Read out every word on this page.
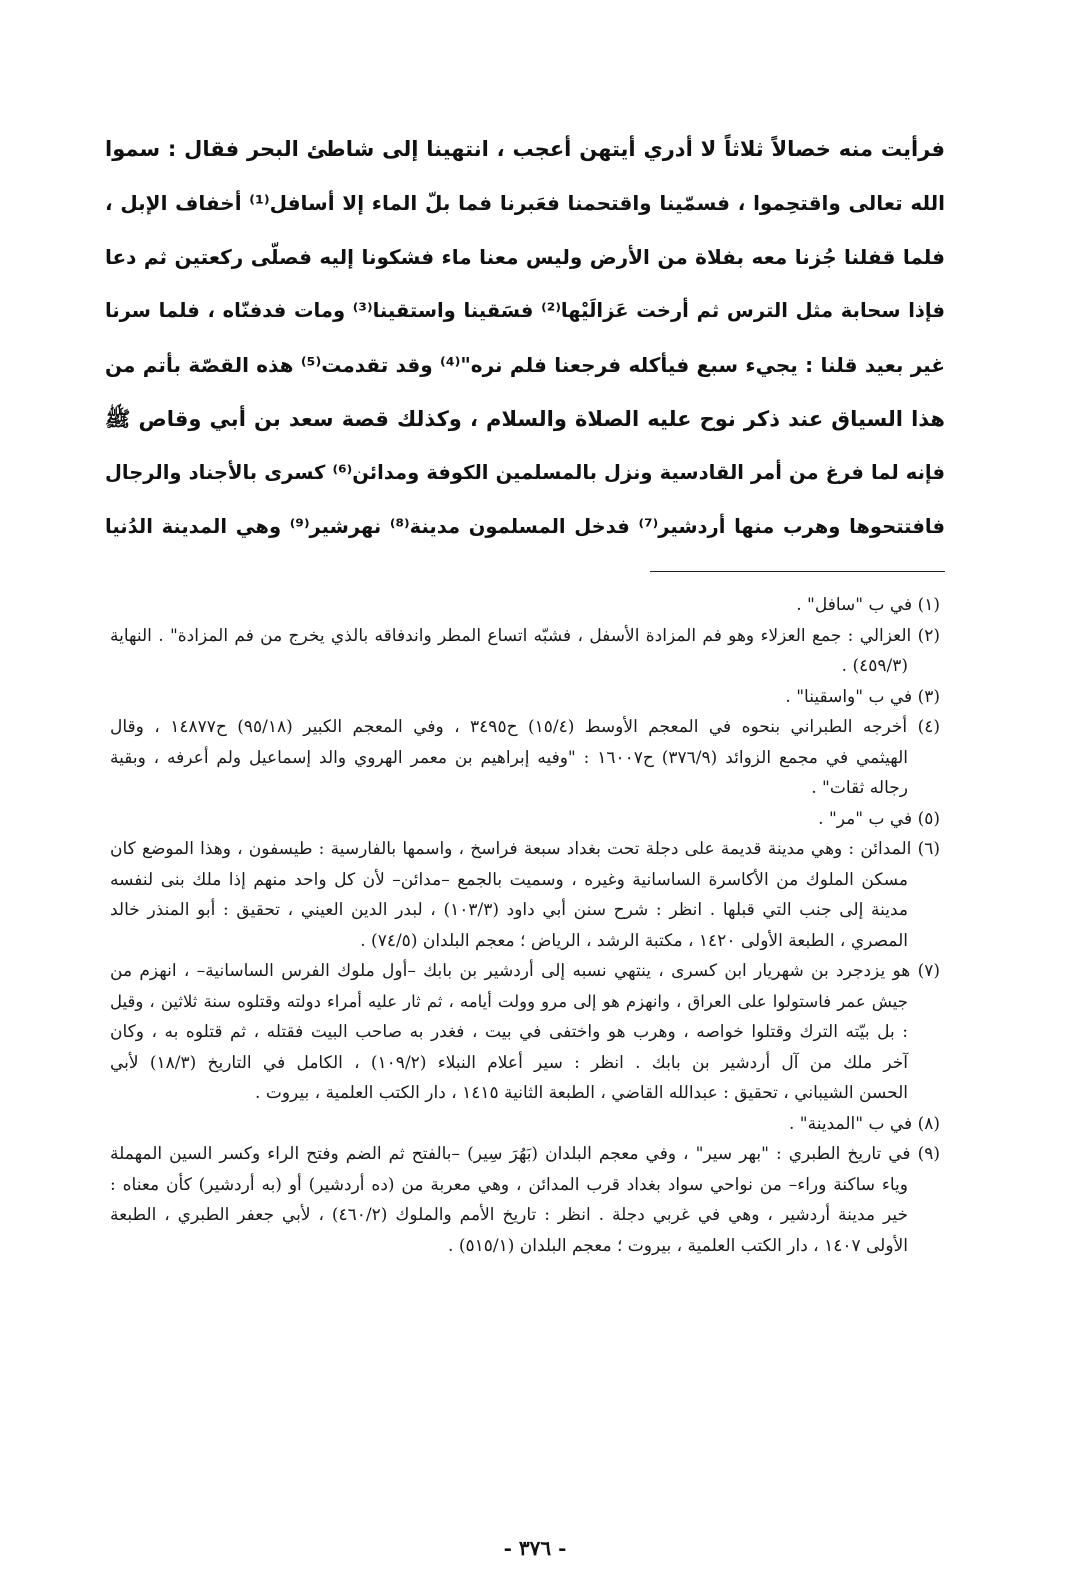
فرأيت منه خصالاً ثلاثاً لا أدري أيتهن أعجب ، انتهينا إلى شاطئ البحر فقال : سموا
الله تعالى واقتحِموا ، فسمّينا واقتحمنا فعَبرنا فما بلّ الماء إلا أسافل⁽¹⁾ أخفاف الإبل ،
فلما قفلنا جُزنا معه بفلاة من الأرض وليس معنا ماء فشكونا إليه فصلّى ركعتين ثم دعا
فإذا سحابة مثل الترس ثم أرخت عَزالَيْها⁽²⁾ فسَقينا واستقينا⁽³⁾ ومات فدفنّاه ، فلما سرنا
غير بعيد قلنا : يجيء سبع فيأكله فرجعنا فلم نره"⁽⁴⁾ وقد تقدمت⁽⁵⁾ هذه القصّة بأتم من
هذا السياق عند ذكر نوح عليه الصلاة والسلام ، وكذلك قصة سعد بن أبي وقاص ﷺ
فإنه لما فرغ من أمر القادسية ونزل بالمسلمين الكوفة ومدائن⁽⁶⁾ كسرى بالأجناد والرجال
فافتتحوها وهرب منها أردشير⁽⁷⁾ فدخل المسلمون مدينة⁽⁸⁾ نهرشير⁽⁹⁾ وهي المدينة الدُنيا
(١) في ب "سافل" .
(٢) العزالي : جمع العزلاء وهو فم المزادة الأسفل ، فشبّه اتساع المطر واندفاقه بالذي يخرج من فم المزادة" . النهاية
(٤٥٩/٣) .
(٣) في ب "واسقينا" .
(٤) أخرجه الطبراني بنحوه في المعجم الأوسط (١٥/٤) ح٣٤٩٥ ، وفي المعجم الكبير (٩٥/١٨) ح١٤٨٧٧ ، وقال
الهيثمي في مجمع الزوائد (٣٧٦/٩) ح١٦٠٠٧ : "وفيه إبراهيم بن معمر الهروي والد إسماعيل ولم أعرفه ، وبقية
رجاله ثقات" .
(٥) في ب "مر" .
(٦) المدائن : وهي مدينة قديمة على دجلة تحت بغداد سبعة فراسخ ، واسمها بالفارسية : طيسفون ، وهذا الموضع كان
مسكن الملوك من الأكاسرة الساسانية وغيره ، وسميت بالجمع –مدائن– لأن كل واحد منهم إذا ملك بنى لنفسه
مدينة إلى جنب التي قبلها . انظر : شرح سنن أبي داود (١٠٣/٣) ، لبدر الدين العيني ، تحقيق : أبو المنذر خالد
المصري ، الطبعة الأولى ١٤٢٠ ، مكتبة الرشد ، الرياض ؛ معجم البلدان (٧٤/٥) .
(٧) هو يزدجرد بن شهريار ابن كسرى ، ينتهي نسبه إلى أردشير بن بابك –أول ملوك الفرس الساسانية– ، انهزم من
جيش عمر فاستولوا على العراق ، وانهزم هو إلى مرو وولت أيامه ، ثم ثار عليه أمراء دولته وقتلوه سنة ثلاثين ، وقيل
: بل بيّته الترك وقتلوا خواصه ، وهرب هو واختفى في بيت ، فغدر به صاحب البيت فقتله ، ثم قتلوه به ، وكان
آخر ملك من آل أردشير بن بابك . انظر : سير أعلام النبلاء (١٠٩/٢) ، الكامل في التاريخ (١٨/٣) لأبي
الحسن الشيباني ، تحقيق : عبدالله القاضي ، الطبعة الثانية ١٤١٥ ، دار الكتب العلمية ، بيروت .
(٨) في ب "المدينة" .
(٩) في تاريخ الطبري : "بهر سير" ، وفي معجم البلدان (بَهُرَ سِير) –بالفتح ثم الضم وفتح الراء وكسر السين المهملة
وياء ساكنة وراء– من نواحي سواد بغداد قرب المدائن ، وهي معربة من (ده أردشير) أو (به أردشير) كأن معناه :
خير مدينة أردشير ، وهي في غربي دجلة . انظر : تاريخ الأمم والملوك (٤٦٠/٢) ، لأبي جعفر الطبري ، الطبعة
الأولى ١٤٠٧ ، دار الكتب العلمية ، بيروت ؛ معجم البلدان (٥١٥/١) .
- ٣٧٦ -
